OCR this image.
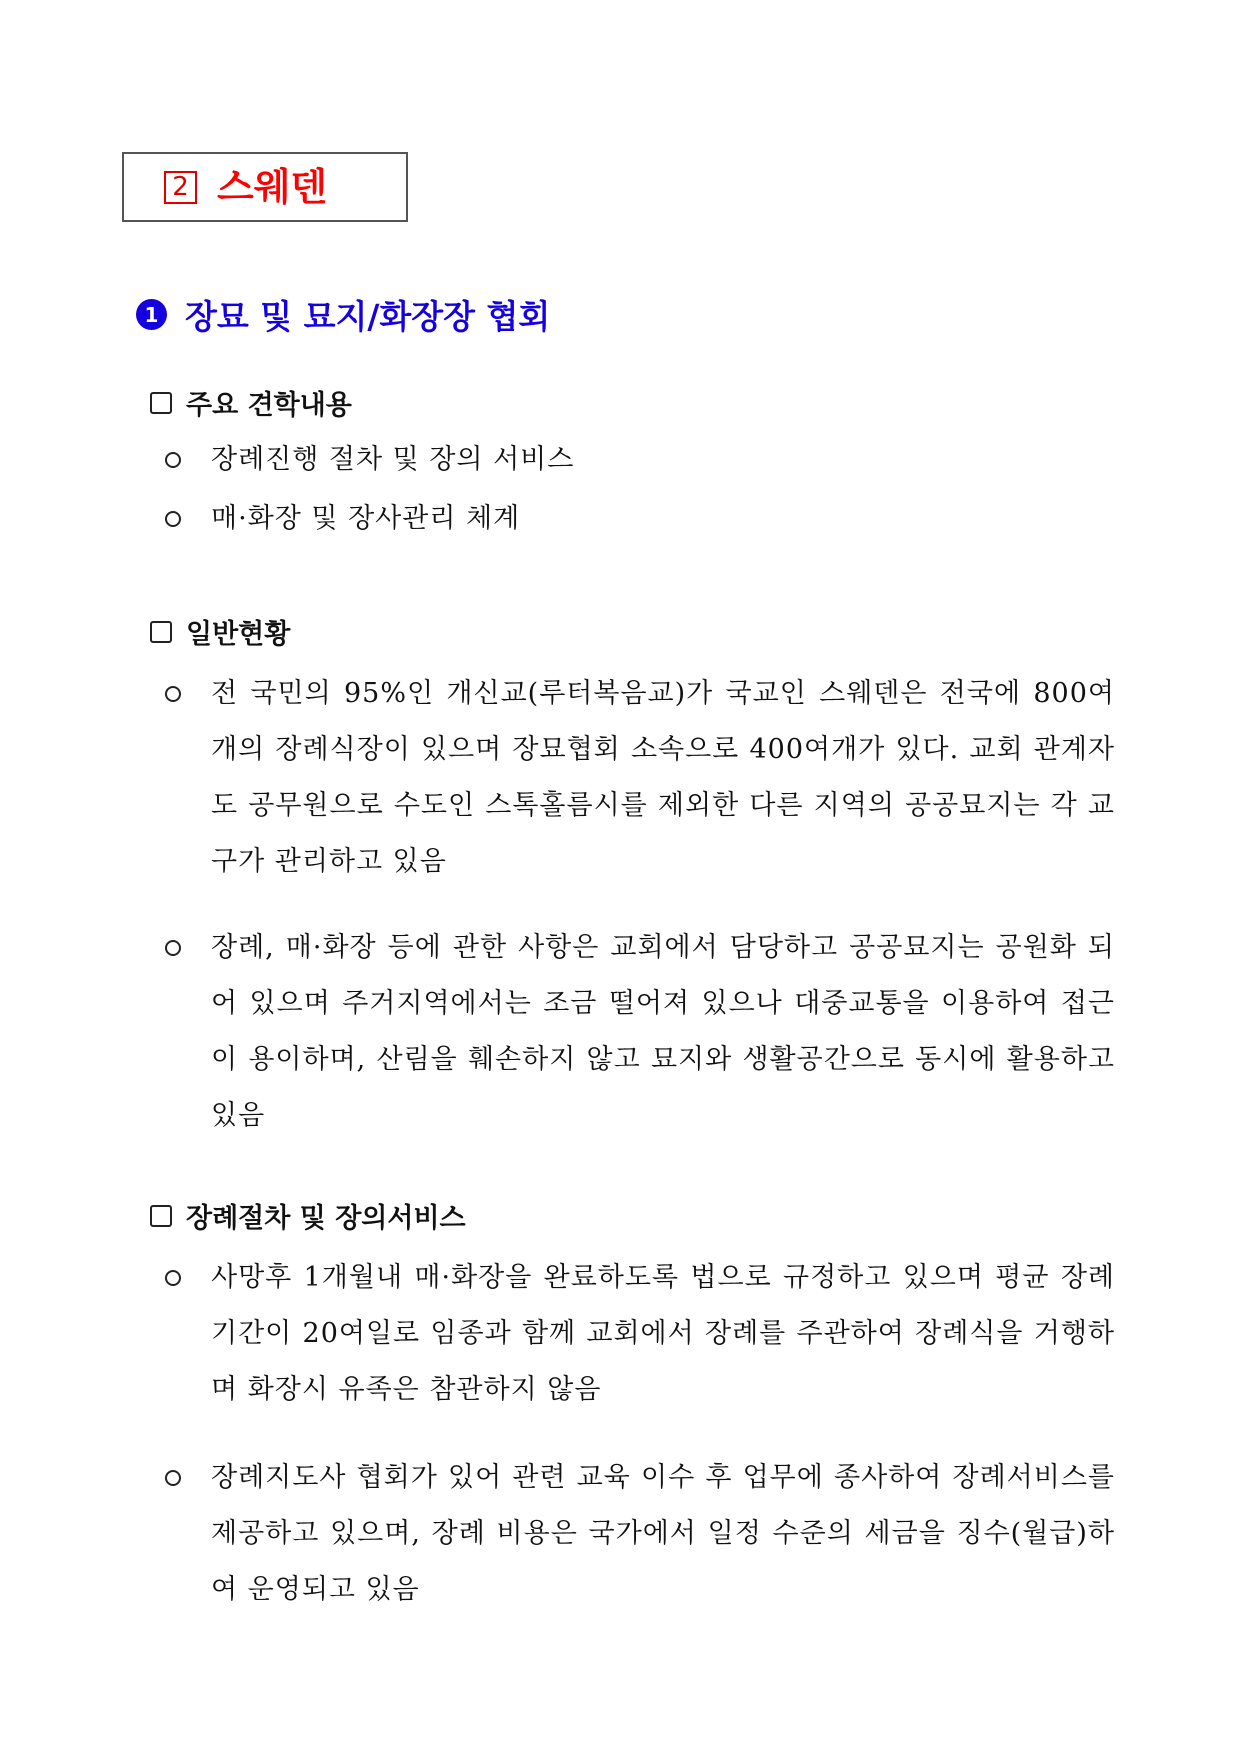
2 스웨덴
1 장묘 및 묘지/화장장 협회
주요 견학내용
장례진행 절차 및 장의 서비스
매·화장 및 장사관리 체계
일반현황
전 국민의 95%인 개신교(루터복음교)가 국교인 스웨덴은 전국에 800여개의 장례식장이 있으며 장묘협회 소속으로 400여개가 있다. 교회 관계자도 공무원으로 수도인 스톡홀름시를 제외한 다른 지역의 공공묘지는 각 교구가 관리하고 있음
장례, 매·화장 등에 관한 사항은 교회에서 담당하고 공공묘지는 공원화 되어 있으며 주거지역에서는 조금 떨어져 있으나 대중교통을 이용하여 접근이 용이하며, 산림을 훼손하지 않고 묘지와 생활공간으로 동시에 활용하고 있음
장례절차 및 장의서비스
사망후 1개월내 매·화장을 완료하도록 법으로 규정하고 있으며 평균 장례기간이 20여일로 임종과 함께 교회에서 장례를 주관하여 장례식을 거행하며 화장시 유족은 참관하지 않음
장례지도사 협회가 있어 관련 교육 이수 후 업무에 종사하여 장례서비스를 제공하고 있으며, 장례 비용은 국가에서 일정 수준의 세금을 징수(월급)하여 운영되고 있음
